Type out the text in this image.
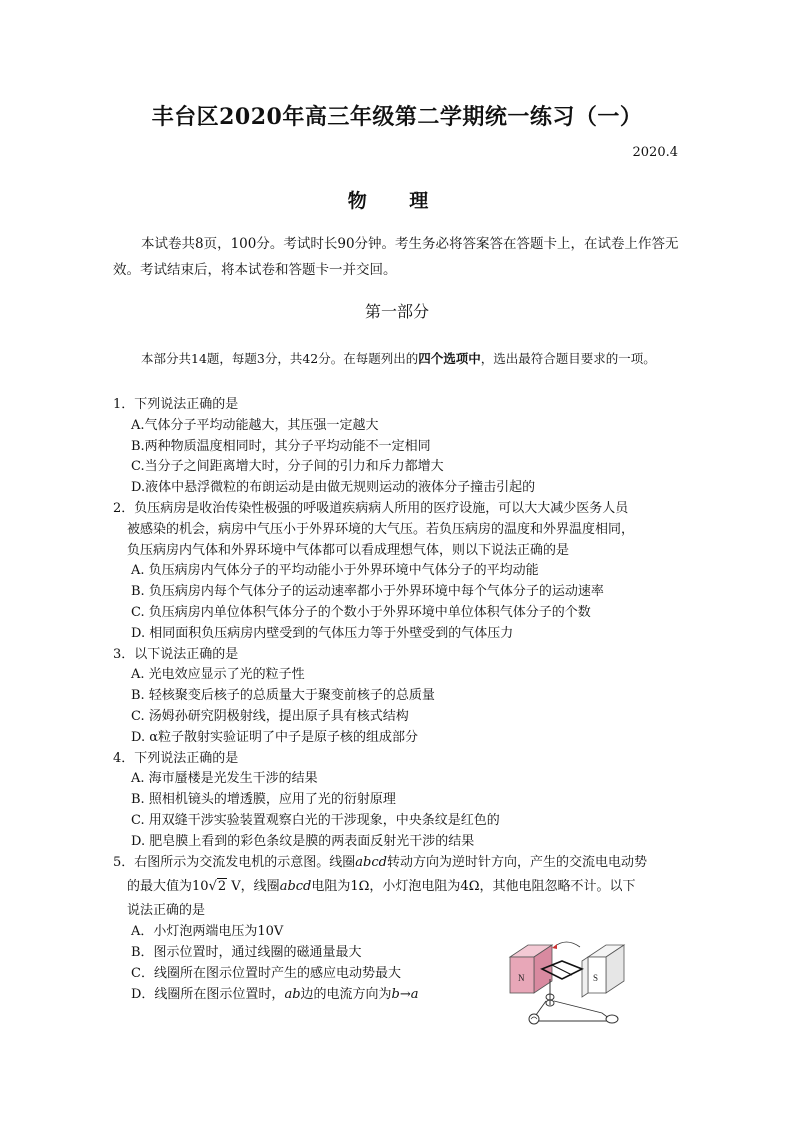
丰台区2020年高三年级第二学期统一练习（一）
2020.4
物 理
本试卷共8页，100分。考试时长90分钟。考生务必将答案答在答题卡上，在试卷上作答无效。考试结束后，将本试卷和答题卡一并交回。
第一部分
本部分共14题，每题3分，共42分。在每题列出的四个选项中，选出最符合题目要求的一项。
1．下列说法正确的是
A.气体分子平均动能越大，其压强一定越大
B.两种物质温度相同时，其分子平均动能不一定相同
C.当分子之间距离增大时，分子间的引力和斥力都增大
D.液体中悬浮微粒的布朗运动是由做无规则运动的液体分子撞击引起的
2．负压病房是收治传染性极强的呼吸道疾病病人所用的医疗设施，可以大大减少医务人员
被感染的机会，病房中气压小于外界环境的大气压。若负压病房的温度和外界温度相同，
负压病房内气体和外界环境中气体都可以看成理想气体，则以下说法正确的是
A. 负压病房内气体分子的平均动能小于外界环境中气体分子的平均动能
B. 负压病房内每个气体分子的运动速率都小于外界环境中每个气体分子的运动速率
C. 负压病房内单位体积气体分子的个数小于外界环境中单位体积气体分子的个数
D. 相同面积负压病房内壁受到的气体压力等于外壁受到的气体压力
3．以下说法正确的是
A. 光电效应显示了光的粒子性
B. 轻核聚变后核子的总质量大于聚变前核子的总质量
C. 汤姆孙研究阴极射线，提出原子具有核式结构
D. α粒子散射实验证明了中子是原子核的组成部分
4．下列说法正确的是
A. 海市蜃楼是光发生干涉的结果
B. 照相机镜头的增透膜，应用了光的衍射原理
C. 用双缝干涉实验装置观察白光的干涉现象，中央条纹是红色的
D. 肥皂膜上看到的彩色条纹是膜的两表面反射光干涉的结果
5．右图所示为交流发电机的示意图。线圈abcd转动方向为逆时针方向，产生的交流电电动势
的最大值为10√2 V，线圈abcd电阻为1Ω，小灯泡电阻为4Ω，其他电阻忽略不计。以下
说法正确的是
A．小灯泡两端电压为10V
B．图示位置时，通过线圈的磁通量最大
C．线圈所在图示位置时产生的感应电动势最大
D．线圈所在图示位置时，ab边的电流方向为b→a
N	S
